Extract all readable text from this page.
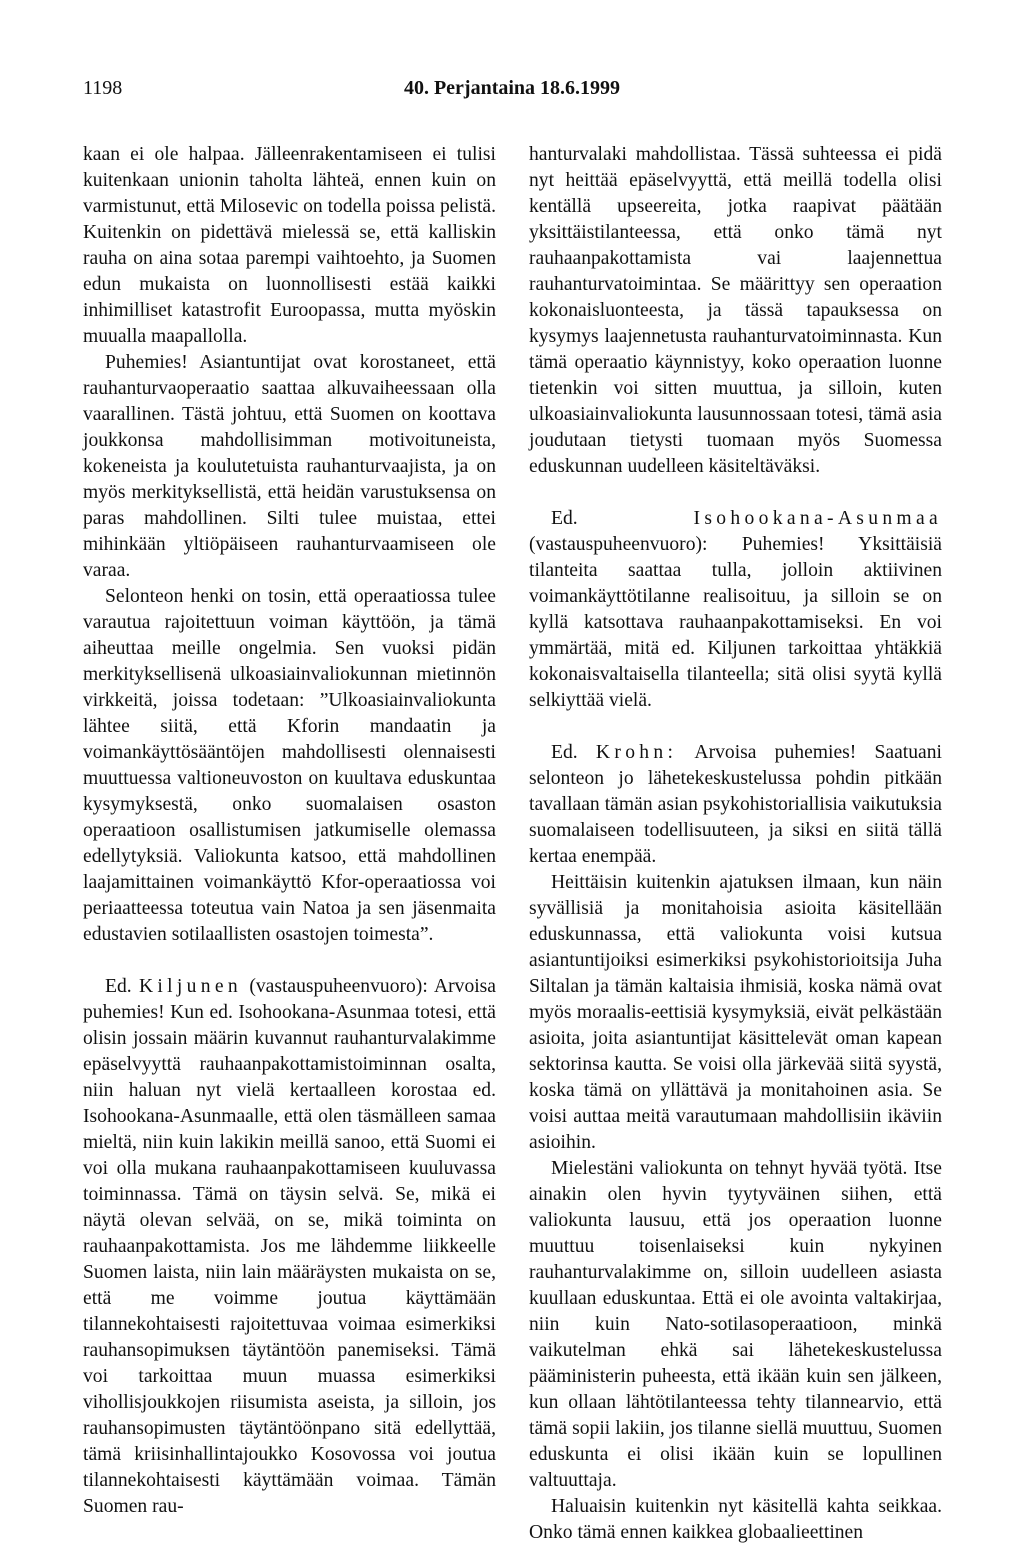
1198	40. Perjantaina 18.6.1999

kaan ei ole halpaa. Jälleenrakentamiseen ei tulisi kuitenkaan unionin taholta lähteä, ennen kuin on varmistunut, että Milosevic on todella poissa pelistä. Kuitenkin on pidettävä mielessä se, että kalliskin rauha on aina sotaa parempi vaihtoehto, ja Suomen edun mukaista on luonnollisesti estää kaikki inhimilliset katastrofit Euroopassa, mutta myöskin muualla maapallolla.

Puhemies! Asiantuntijat ovat korostaneet, että rauhanturvaoperaatio saattaa alkuvaiheessaan olla vaarallinen. Tästä johtuu, että Suomen on koottava joukkonsa mahdollisimman motivoituneista, kokeneista ja koulutetuista rauhanturvaajista, ja on myös merkityksellistä, että heidän varustuksensa on paras mahdollinen. Silti tulee muistaa, ettei mihinkään yltiöpäiseen rauhanturvaamiseen ole varaa.

Selonteon henki on tosin, että operaatiossa tulee varautua rajoitettuun voiman käyttöön, ja tämä aiheuttaa meille ongelmia. Sen vuoksi pidän merkityksellisenä ulkoasiainvaliokunnan mietinnön virkkeitä, joissa todetaan: ”Ulkoasiainvaliokunta lähtee siitä, että Kforin mandaatin ja voimankäyttösääntöjen mahdollisesti olennaisesti muuttuessa valtioneuvoston on kuultava eduskuntaa kysymyksestä, onko suomalaisen osaston operaatioon osallistumisen jatkumiselle olemassa edellytyksiä. Valiokunta katsoo, että mahdollinen laajamittainen voimankäyttö Kfor-operaatiossa voi periaatteessa toteutua vain Natoa ja sen jäsenmaita edustavien sotilaallisten osastojen toimesta”.

Ed. Kiljunen (vastauspuheenvuoro): Arvoisa puhemies! Kun ed. Isohookana-Asunmaa totesi, että olisin jossain määrin kuvannut rauhanturvalakimme epäselvyyttä rauhaanpakottamistoiminnan osalta, niin haluan nyt vielä kertaalleen korostaa ed. Isohookana-Asunmaalle, että olen täsmälleen samaa mieltä, niin kuin lakikin meillä sanoo, että Suomi ei voi olla mukana rauhaanpakottamiseen kuuluvassa toiminnassa. Tämä on täysin selvä. Se, mikä ei näytä olevan selvää, on se, mikä toiminta on rauhaanpakottamista. Jos me lähdemme liikkeelle Suomen laista, niin lain määräysten mukaista on se, että me voimme joutua käyttämään tilannekohtaisesti rajoitettuvaa voimaa esimerkiksi rauhansopimuksen täytäntöön panemiseksi. Tämä voi tarkoittaa muun muassa esimerkiksi vihollisjoukkojen riisumista aseista, ja silloin, jos rauhansopimusten täytäntöönpano sitä edellyttää, tämä kriisinhallintajoukko Kosovossa voi joutua tilannekohtaisesti käyttämään voimaa. Tämän Suomen rau-

hanturvalaki mahdollistaa. Tässä suhteessa ei pidä nyt heittää epäselvyyttä, että meillä todella olisi kentällä upseereita, jotka raapivat päätään yksittäistilanteessa, että onko tämä nyt rauhaanpakottamista vai laajennettua rauhanturvatoimintaa. Se määrittyy sen operaation kokonaisluonteesta, ja tässä tapauksessa on kysymys laajennetusta rauhanturvatoiminnasta. Kun tämä operaatio käynnistyy, koko operaation luonne tietenkin voi sitten muuttua, ja silloin, kuten ulkoasiainvaliokunta lausunnossaan totesi, tämä asia joudutaan tietysti tuomaan myös Suomessa eduskunnan uudelleen käsiteltäväksi.

Ed.	Isohookana-Asunmaa (vastauspuheenvuoro): Puhemies! Yksittäisiä tilanteita saattaa tulla, jolloin aktiivinen voimankäyttötilanne realisoituu, ja silloin se on kyllä katsottava rauhaanpakottamiseksi. En voi ymmärtää, mitä ed. Kiljunen tarkoittaa yhtäkkiä kokonaisvaltaisella tilanteella; sitä olisi syytä kyllä selkiyttää vielä.

Ed. Krohn: Arvoisa puhemies! Saatuani selonteon jo lähetekeskustelussa pohdin pitkään tavallaan tämän asian psykohistoriallisia vaikutuksia suomalaiseen todellisuuteen, ja siksi en siitä tällä kertaa enempää.

Heittäisin kuitenkin ajatuksen ilmaan, kun näin syvällisiä ja monitahoisia asioita käsitellään eduskunnassa, että valiokunta voisi kutsua asiantuntijoiksi esimerkiksi psykohistorioitsija Juha Siltalan ja tämän kaltaisia ihmisiä, koska nämä ovat myös moraalis-eettisiä kysymyksiä, eivät pelkästään asioita, joita asiantuntijat käsittelevät oman kapean sektorinsa kautta. Se voisi olla järkevää siitä syystä, koska tämä on yllättävä ja monitahoinen asia. Se voisi auttaa meitä varautumaan mahdollisiin ikäviin asioihin.

Mielestäni valiokunta on tehnyt hyvää työtä. Itse ainakin olen hyvin tyytyväinen siihen, että valiokunta lausuu, että jos operaation luonne muuttuu toisenlaiseksi kuin nykyinen rauhanturvalakimme on, silloin uudelleen asiasta kuullaan eduskuntaa. Että ei ole avointa valtakirjaa, niin kuin Nato-sotilasoperaatioon, minkä vaikutelman ehkä sai lähetekeskustelussa pääministerin puheesta, että ikään kuin sen jälkeen, kun ollaan lähtötilanteessa tehty tilannearvio, että tämä sopii lakiin, jos tilanne siellä muuttuu, Suomen eduskunta ei olisi ikään kuin se lopullinen valtuuttaja.

Haluaisin kuitenkin nyt käsitellä kahta seikkaa. Onko tämä ennen kaikkea globaalieettinen
